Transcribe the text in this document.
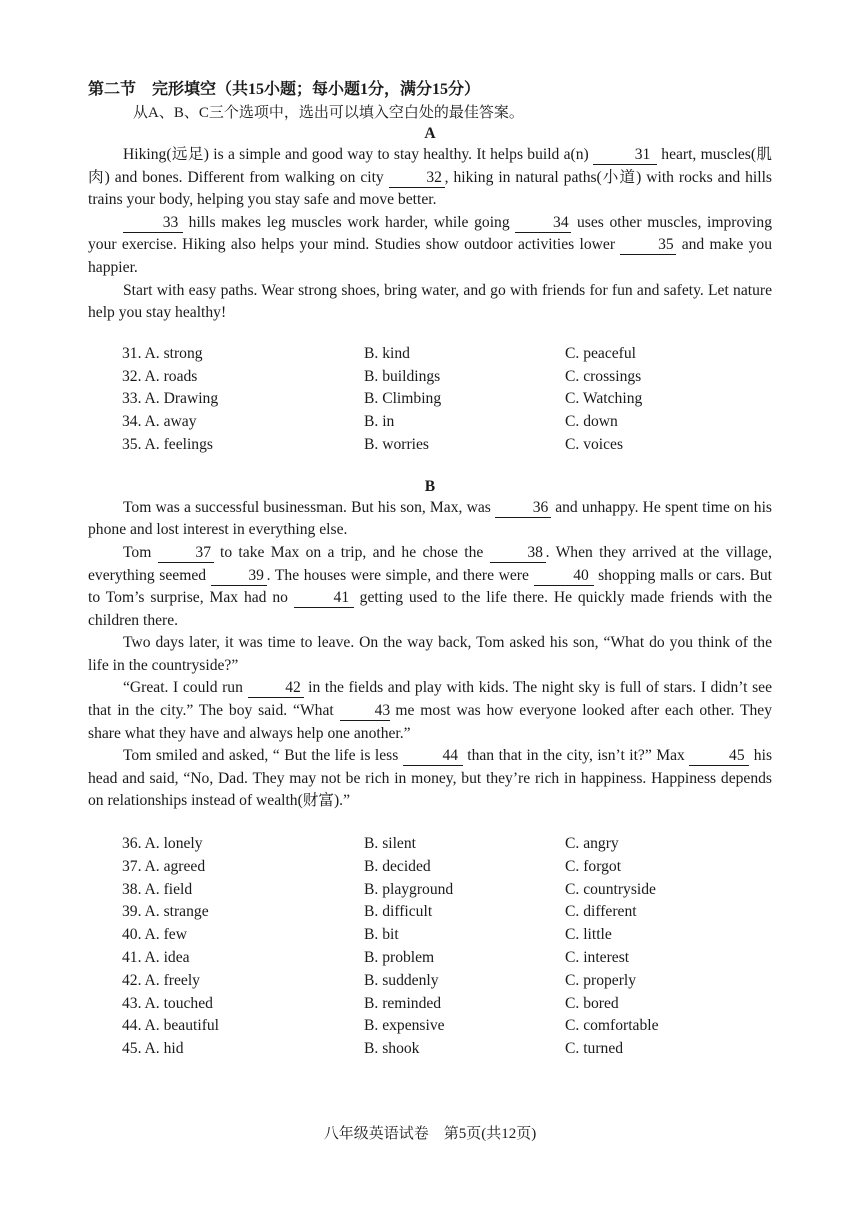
第二节　完形填空（共15小题；每小题1分，满分15分）
从A、B、C三个选项中，选出可以填入空白处的最佳答案。
A

Hiking(远足) is a simple and good way to stay healthy. It helps build a(n)	31 heart, muscles(肌肉) and bones. Different from walking on city 32 , hiking in natural paths(小道) with rocks and hills trains your body, helping you stay safe and move better.

33 hills makes leg muscles work harder, while going 34 uses other muscles, improving your exercise. Hiking also helps your mind. Studies show outdoor activities lower 35 and make you happier.

Start with easy paths. Wear strong shoes, bring water, and go with friends for fun and safety. Let nature help you stay healthy!

31. A. strong	B. kind	C. peaceful
32. A. roads	B. buildings	C. crossings
33. A. Drawing	B. Climbing	C. Watching
34. A. away	B. in	C. down
35. A. feelings	B. worries	C. voices
B

Tom was a successful businessman. But his son, Max, was 36 and unhappy. He spent time on his phone and lost interest in everything else.

Tom 37 to take Max on a trip, and he chose the 38 . When they arrived at the village, everything seemed 39 . The houses were simple, and there were	40 shopping malls or cars. But to Tom’s surprise, Max had no	41 getting used to the life there. He quickly made friends with the children there.

Two days later, it was time to leave. On the way back, Tom asked his son, “What do you think of the life in the countryside?”

“Great. I could run 42 in the fields and play with kids. The night sky is full of stars. I didn’t see that in the city.” The boy said. “What 43 me most was how everyone looked after each other. They share what they have and always help one another.”

Tom smiled and asked, “ But the life is less	44 than that in the city, isn’t it?” Max	45 his head and said, “No, Dad. They may not be rich in money, but they’re rich in happiness. Happiness depends on relationships instead of wealth(财富).”

36. A. lonely	B. silent	C. angry
37. A. agreed	B. decided	C. forgot
38. A. field	B. playground	C. countryside
39. A. strange	B. difficult	C. different
40. A. few	B. bit	C. little
41. A. idea	B. problem	C. interest
42. A. freely	B. suddenly	C. properly
43. A. touched	B. reminded	C. bored
44. A. beautiful	B. expensive	C. comfortable
45. A. hid	B. shook	C. turned
八年级英语试卷　第5页(共12页)
